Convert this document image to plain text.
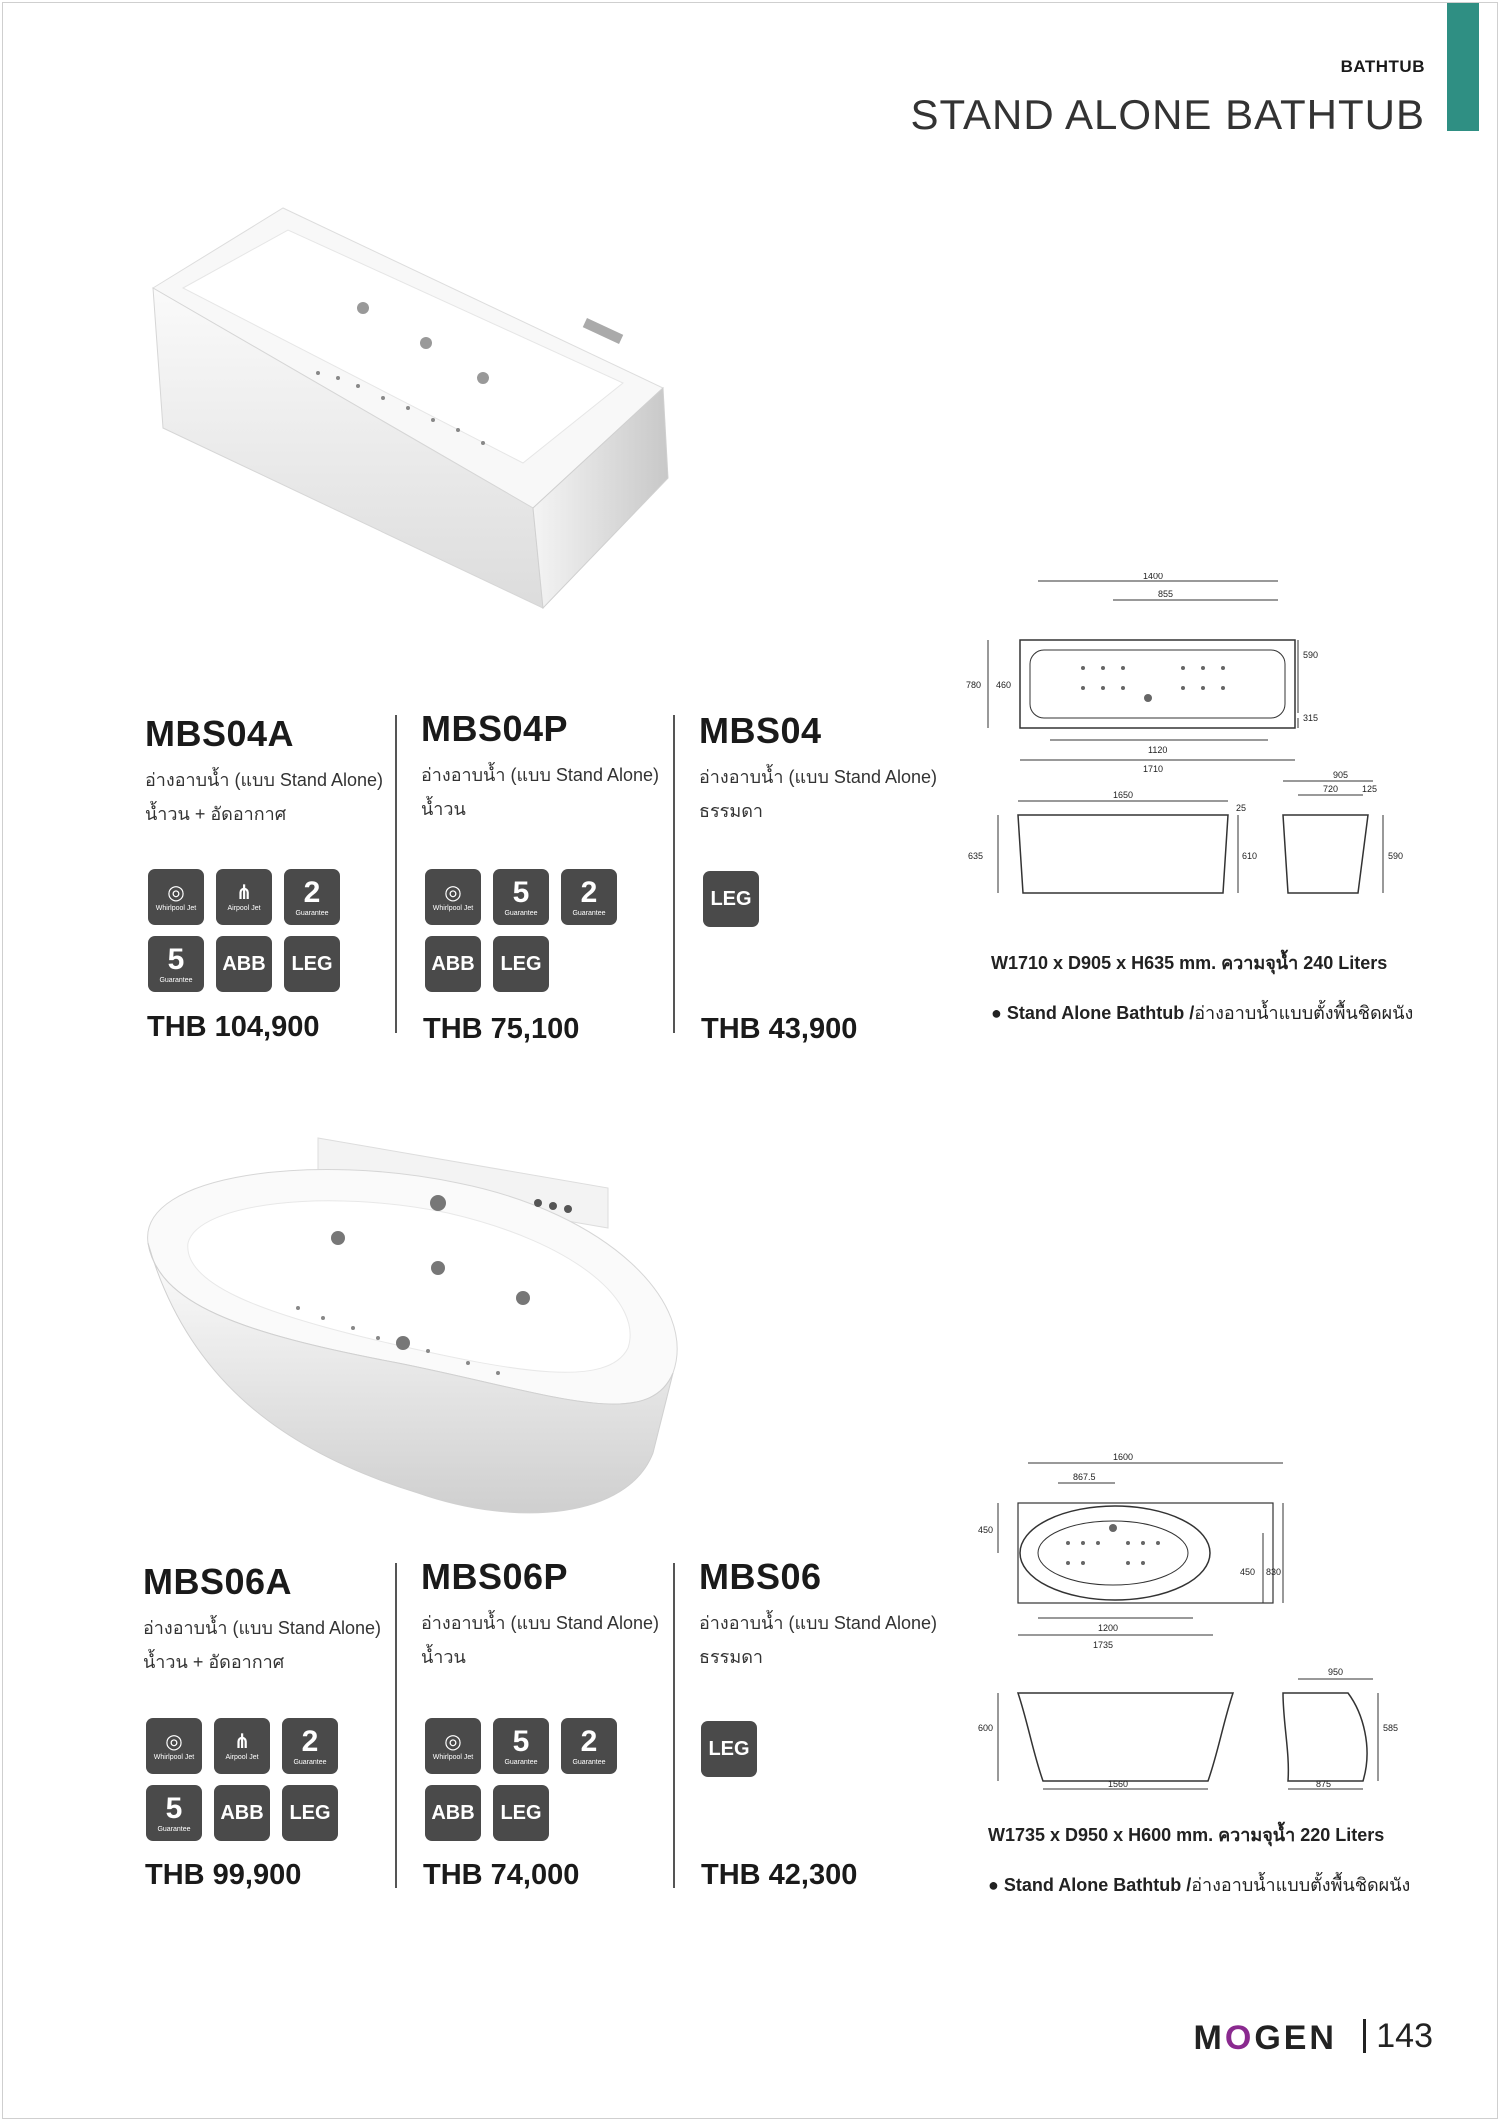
BATHTUB
STAND ALONE BATHTUB
MBS04A
อ่างอาบน้ำ (แบบ Stand Alone)
น้ำวน + อัดอากาศ
MBS04P
อ่างอาบน้ำ (แบบ Stand Alone)
น้ำวน
MBS04
อ่างอาบน้ำ (แบบ Stand Alone)
ธรรมดา
◎
Whirlpool Jet
⋔
Airpool Jet 2
Guarantee
5
Guarantee
ABB	LEG
◎
Whirlpool Jet 5
Guarantee
2
Guarantee
ABB	LEG
LEG
THB 104,900	THB 75,100	THB 43,900
1400
855
590
780 460
315
1120
1710
1650
25
635	610
905
720	125
590
W1710 x D905 x H635 mm. ความจุน้ำ 240 Liters
● Stand Alone Bathtub /อ่างอาบน้ำแบบตั้งพื้นชิดผนัง
MBS06A
อ่างอาบน้ำ (แบบ Stand Alone)
น้ำวน + อัดอากาศ
MBS06P
อ่างอาบน้ำ (แบบ Stand Alone)
น้ำวน
MBS06
อ่างอาบน้ำ (แบบ Stand Alone)
ธรรมดา
◎
Whirlpool Jet
⋔
Airpool Jet 2
Guarantee
5
Guarantee
ABB	LEG
◎
Whirlpool Jet 5
Guarantee
2
Guarantee
ABB	LEG
LEG
THB 99,900	THB 74,000	THB 42,300
1600
867.5
450
450 830
1200
1735
600
1560
950
585
875
W1735 x D950 x H600 mm. ความจุน้ำ 220 Liters
● Stand Alone Bathtub /อ่างอาบน้ำแบบตั้งพื้นชิดผนัง
MOGEN	143
